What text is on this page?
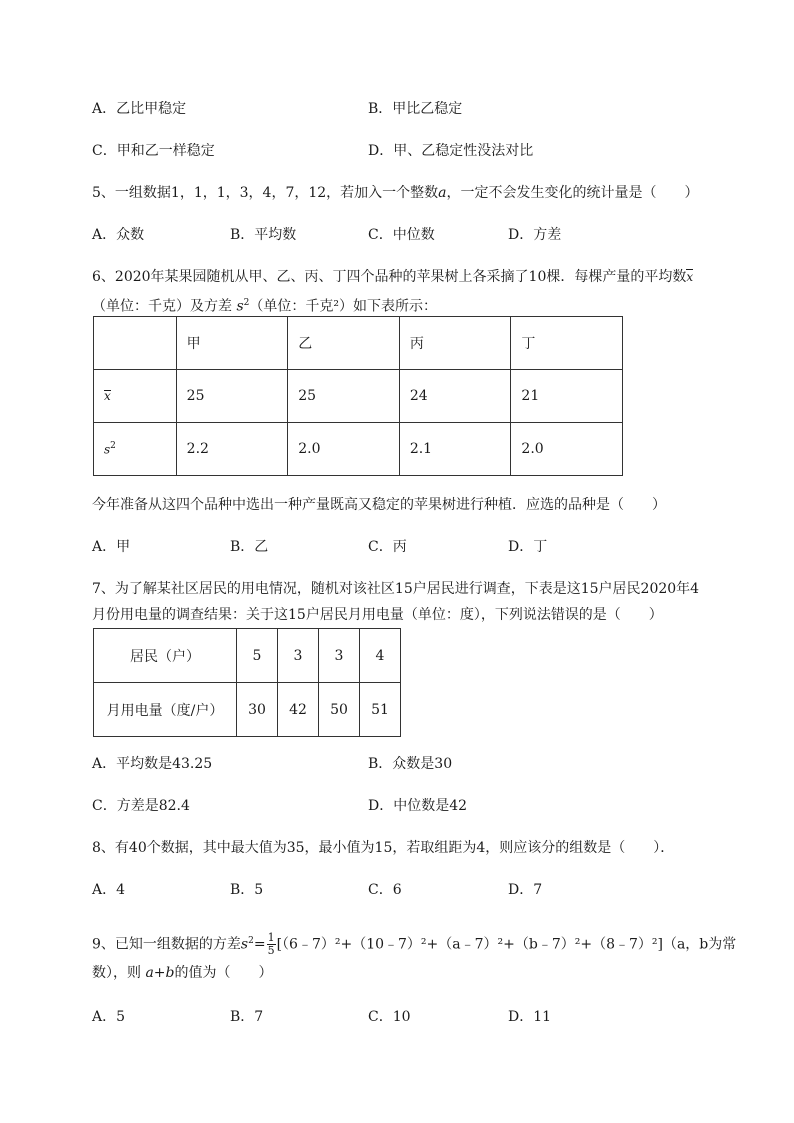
A．乙比甲稳定	B．甲比乙稳定
C．甲和乙一样稳定	D．甲、乙稳定性没法对比
5、一组数据1，1，1，3，4，7，12，若加入一个整数a，一定不会发生变化的统计量是（　　）
A．众数	B．平均数	C．中位数	D．方差
6、2020年某果园随机从甲、乙、丙、丁四个品种的苹果树上各采摘了10棵．每棵产量的平均数x
（单位：千克）及方差 $s^2$（单位：千克²）如下表所示：
	甲	乙	丙	丁
x	25	25	24	21
$s^2$	2.2	2.0	2.1	2.0
今年准备从这四个品种中选出一种产量既高又稳定的苹果树进行种植．应选的品种是（　　）
A．甲	B．乙	C．丙	D．丁
7、为了解某社区居民的用电情况，随机对该社区15户居民进行调查，下表是这15户居民2020年4
月份用电量的调查结果：关于这15户居民月用电量（单位：度），下列说法错误的是（　　）
居民（户）	5	3	3	4
月用电量（度/户）	30	42	50	51
A．平均数是43.25	B．众数是30
C．方差是82.4	D．中位数是42
8、有40个数据，其中最大值为35，最小值为15，若取组距为4，则应该分的组数是（　　）．
A．4	B．5	C．6	D．7
9、已知一组数据的方差$s^2= \frac{1}{5}$ [（6﹣7）²+（10﹣7）²+（a﹣7）²+（b﹣7）²+（8﹣7）²]（a，b为常
数），则 a+b的值为（　　）
A．5	B．7	C．10	D．11
